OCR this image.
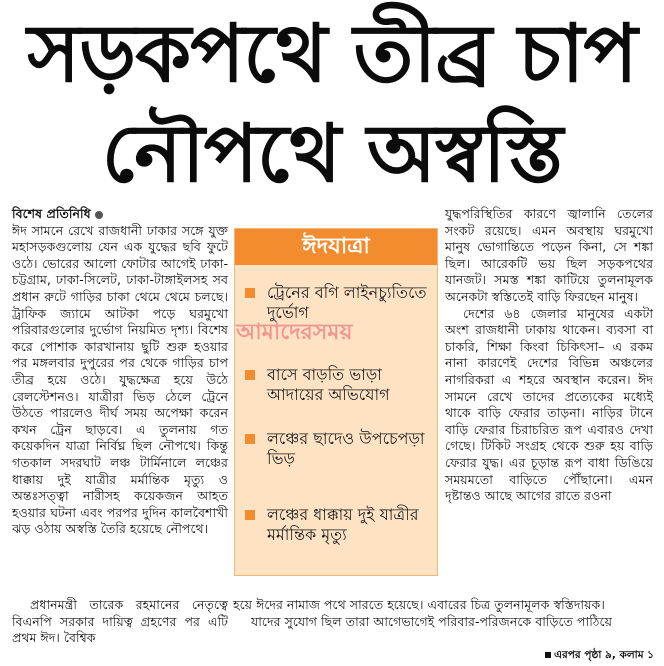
সড়কপথে তীব্র চাপ
নৌপথে অস্বস্তি

বিশেষ প্রতিনিধি

ঈদ সামনে রেখে রাজধানী ঢাকার সঙ্গে যুক্ত মহাসড়কগুলোয় যেন এক যুদ্ধের ছবি ফুটে ওঠে। ভোরের আলো ফোটার আগেই ঢাকা-চট্টগ্রাম, ঢাকা-সিলেট, ঢাকা-টাঙ্গাইলসহ সব প্রধান রুটে গাড়ির চাকা থেমে থেমে চলছে। ট্রাফিক জ্যামে আটকা পড়ে ঘরমুখো পরিবারগুলোর দুর্ভোগ নিয়মিত দৃশ্য। বিশেষ করে পোশাক কারখানায় ছুটি শুরু হওয়ার পর মঙ্গলবার দুপুরের পর থেকে গাড়ির চাপ তীব্র হয়ে ওঠে। যুদ্ধক্ষেত্র হয়ে উঠে রেলস্টেশনও। যাত্রীরা ভিড় ঠেলে ট্রেনে উঠতে পারলেও দীর্ঘ সময় অপেক্ষা করেন কখন ট্রেন ছাড়বে। এ তুলনায় গত কয়েকদিন যাত্রা নির্বিঘ্ন ছিল নৌপথে। কিন্তু গতকাল সদরঘাট লঞ্চ টার্মিনালে লঞ্চের ধাক্কায় দুই যাত্রীর মর্মান্তিক মৃত্যু ও অন্তঃসত্ত্বা নারীসহ কয়েকজন আহত হওয়ার ঘটনা এবং পরপর দুদিন কালবৈশাখী ঝড় ওঠায় অস্বস্তি তৈরি হয়েছে নৌপথে।

ঈদযাত্রা
ট্রেনের বগি লাইনচ্যুতিতে দুর্ভোগ
বাসে বাড়তি ভাড়া আদায়ের অভিযোগ
লঞ্চের ছাদেও উপচেপড়া ভিড়
লঞ্চের ধাক্কায় দুই যাত্রীর মর্মান্তিক মৃত্যু
আমাদেরসময়

যুদ্ধপরিস্থিতির কারণে জ্বালানি তেলের সংকট রয়েছে। এমন অবস্থায় ঘরমুখো মানুষ ভোগান্তিতে পড়েন কিনা, সে শঙ্কা ছিল। আরেকটি ভয় ছিল সড়কপথের যানজট। সমস্ত শঙ্কা কাটিয়ে তুলনামূলক অনেকটা স্বস্তিতেই বাড়ি ফিরছেন মানুষ।

দেশের ৬৪ জেলার মানুষের একটা অংশ রাজধানী ঢাকায় থাকেন। ব্যবসা বা চাকরি, শিক্ষা কিংবা চিকিৎসা– এ রকম নানা কারণেই দেশের বিভিন্ন অঞ্চলের নাগরিকরা এ শহরে অবস্থান করেন। ঈদ সামনে রেখে তাদের প্রত্যেকের মধ্যেই থাকে বাড়ি ফেরার তাড়না। নাড়ির টানে বাড়ি ফেরার চিরাচরিত রূপ এবারও দেখা গেছে। টিকিট সংগ্রহ থেকে শুরু হয় বাড়ি ফেরার যুদ্ধ। এর চূড়ান্ত রূপ বাধা ডিঙিয়ে সময়মতো বাড়িতে পৌঁছানো। এমন দৃষ্টান্তও আছে আগের রাতে রওনা

প্রধানমন্ত্রী তারেক রহমানের নেতৃত্বে বিএনপি সরকার দায়িত্ব গ্রহণের পর এটি প্রথম ঈদ। বৈশ্বিক

হয়ে ঈদের নামাজ পথে সারতে হয়েছে। এবারের চিত্র তুলনামূলক স্বস্তিদায়ক।

যাদের সুযোগ ছিল তারা আগেভাগেই পরিবার-পরিজনকে বাড়িতে পাঠিয়ে

এরপর পৃষ্ঠা ৯, কলাম ১
